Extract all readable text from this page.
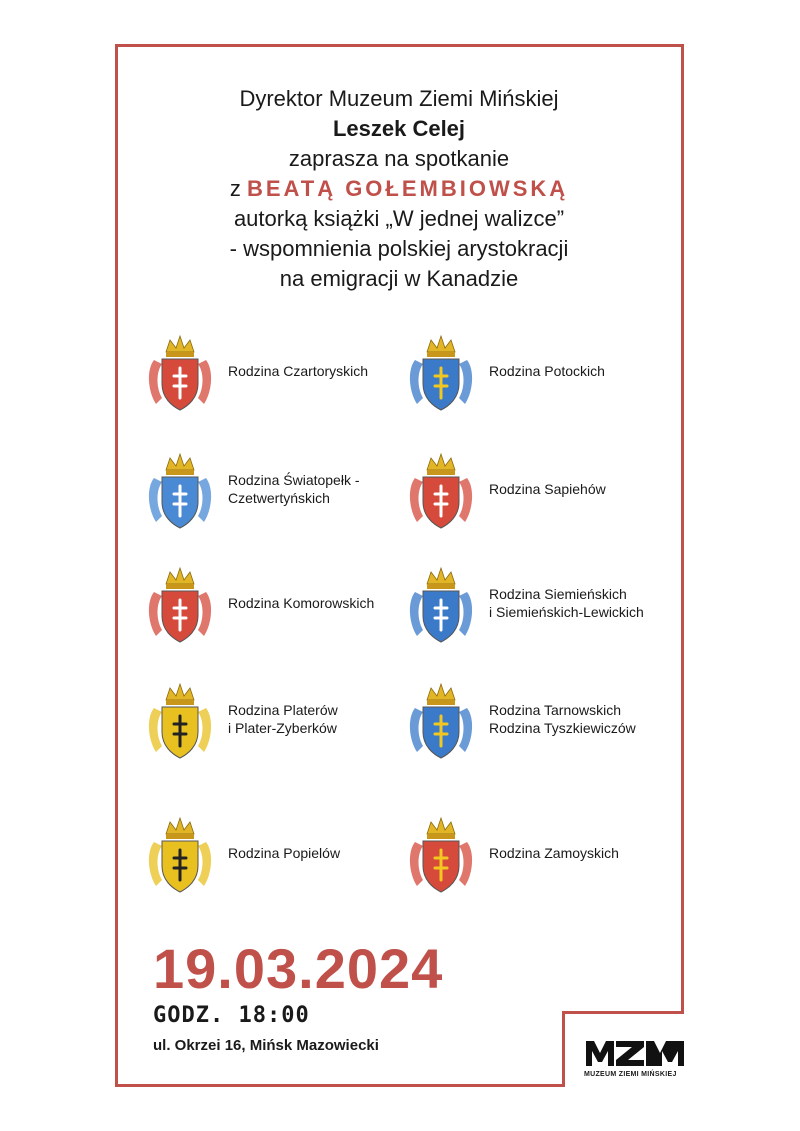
Dyrektor Muzeum Ziemi Mińskiej
Leszek Celej
zaprasza na spotkanie
z BEATĄ GOŁEMBIOWSKĄ
autorką książki „W jednej walizce”
- wspomnienia polskiej arystokracji
na emigracji w Kanadzie
Rodzina Czartoryskich	Rodzina Potockich
Rodzina Światopełk -
Czetwertyńskich
Rodzina Sapiehów
Rodzina Komorowskich
Rodzina Siemieńskich
i Siemieńskich-Lewickich
Rodzina Platerów
i Plater-Zyberków
Rodzina Tarnowskich
Rodzina Tyszkiewiczów
Rodzina Popielów	Rodzina Zamoyskich
19.03.2024
GODZ. 18:00
ul. Okrzei 16, Mińsk Mazowiecki
MUZEUM ZIEMI MIŃSKIEJ
